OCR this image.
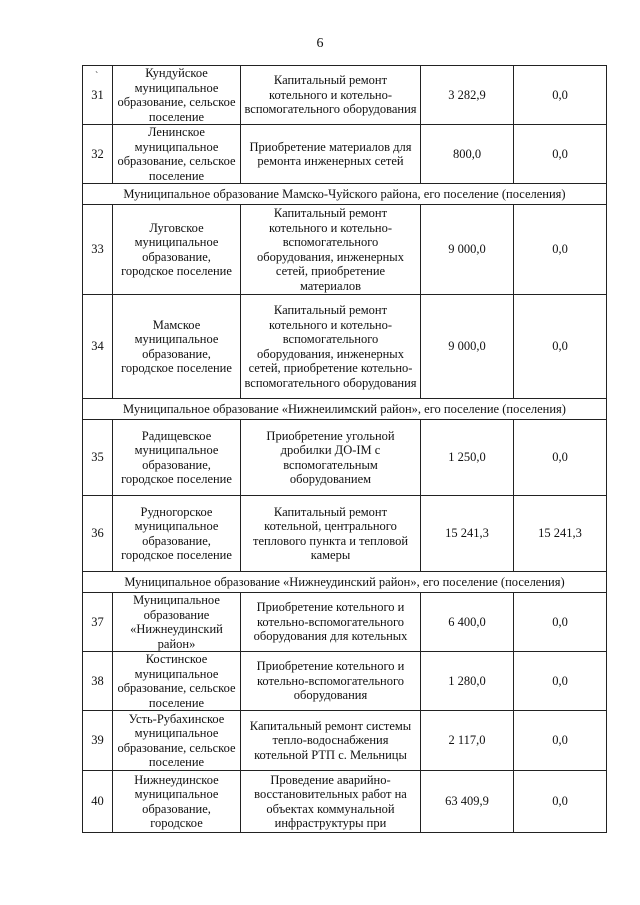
6
`
31	Кундуйское муниципальное образование, сельское поселение	Капитальный ремонт котельного и котельно-вспомогательного оборудования	3 282,9	0,0
32	Ленинское муниципальное образование, сельское поселение	Приобретение материалов для ремонта инженерных сетей	800,0	0,0
Муниципальное образование Мамско-Чуйского района, его поселение (поселения)				
33	Луговское муниципальное образование, городское поселение	Капитальный ремонт котельного и котельно-вспомогательного оборудования, инженерных сетей, приобретение материалов	9 000,0	0,0
34	Мамское муниципальное образование, городское поселение	Капитальный ремонт котельного и котельно-вспомогательного оборудования, инженерных сетей, приобретение котельно-вспомогательного оборудования	9 000,0	0,0
Муниципальное образование «Нижнеилимский район», его поселение (поселения)				
35	Радищевское муниципальное образование, городское поселение	Приобретение угольной дробилки ДО-IM с вспомогательным оборудованием	1 250,0	0,0
36	Рудногорское муниципальное образование, городское поселение	Капитальный ремонт котельной, центрального теплового пункта и тепловой камеры	15 241,3	15 241,3
Муниципальное образование «Нижнеудинский район», его поселение (поселения)				
37	Муниципальное образование «Нижнеудинский район»	Приобретение котельного и котельно-вспомогательного оборудования для котельных	6 400,0	0,0
38	Костинское муниципальное образование, сельское поселение	Приобретение котельного и котельно-вспомогательного оборудования	1 280,0	0,0
39	Усть-Рубахинское муниципальное образование, сельское поселение	Капитальный ремонт системы тепло-водоснабжения котельной РТП с. Мельницы	2 117,0	0,0
40	Нижнеудинское муниципальное образование, городское	Проведение аварийно-восстановительных работ на объектах коммунальной инфраструктуры при	63 409,9	0,0
